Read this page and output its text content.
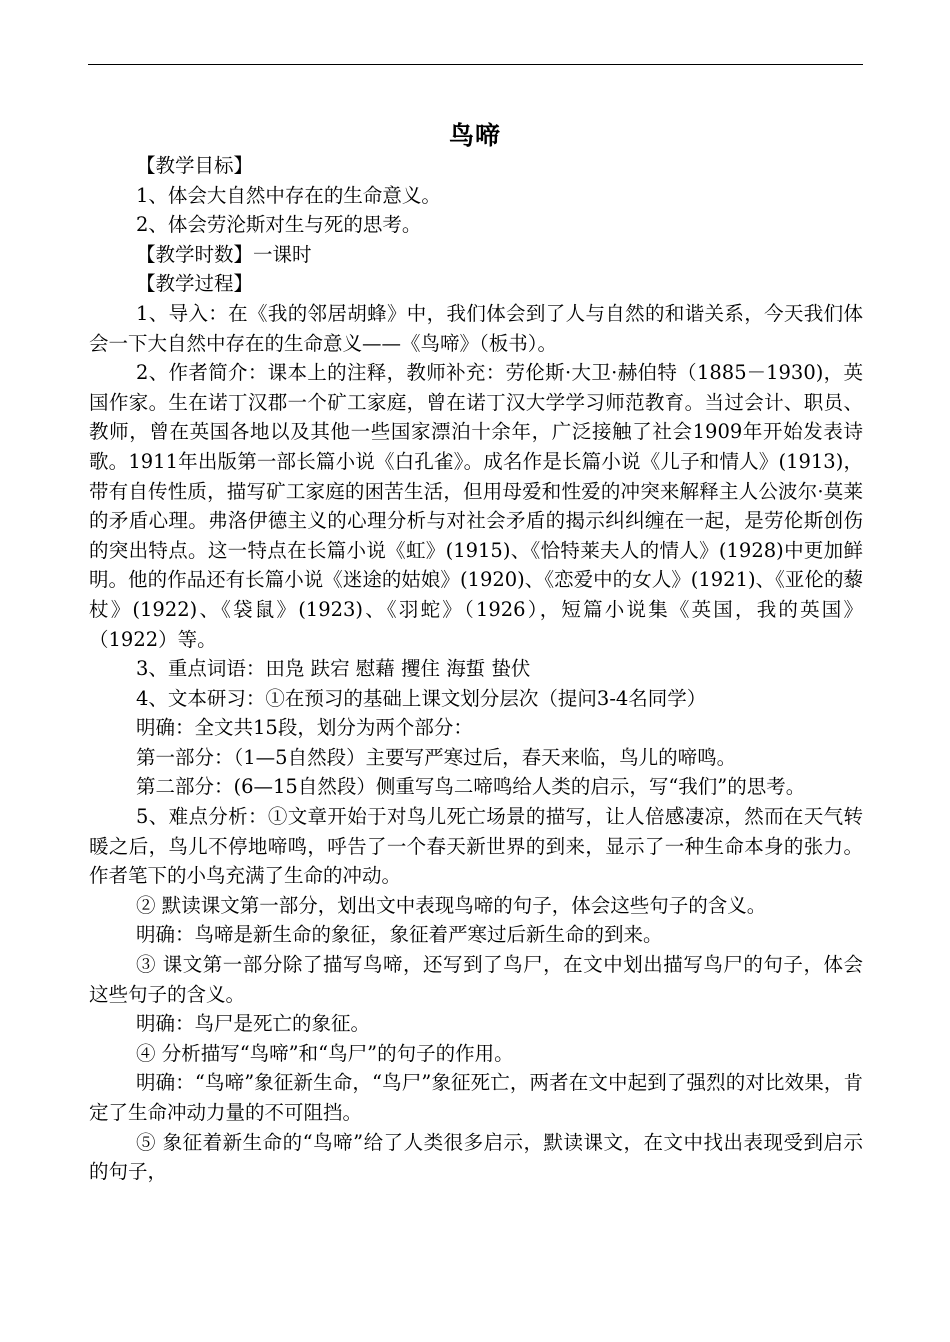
鸟啼

【教学目标】

1、体会大自然中存在的生命意义。

2、体会劳沦斯对生与死的思考。

【教学时数】一课时

【教学过程】

1、导入：在《我的邻居胡蜂》中，我们体会到了人与自然的和谐关系，今天我们体会一下大自然中存在的生命意义——《鸟啼》（板书）。

2、作者简介：课本上的注释，教师补充：劳伦斯·大卫·赫伯特（1885－1930)，英国作家。生在诺丁汉郡一个矿工家庭，曾在诺丁汉大学学习师范教育。当过会计、职员、教师，曾在英国各地以及其他一些国家漂泊十余年，广泛接触了社会1909年开始发表诗歌。1911年出版第一部长篇小说《白孔雀》。成名作是长篇小说《儿子和情人》(1913)，带有自传性质，描写矿工家庭的困苦生活，但用母爱和性爱的冲突来解释主人公波尔·莫莱的矛盾心理。弗洛伊德主义的心理分析与对社会矛盾的揭示纠纠缠在一起，是劳伦斯创伤的突出特点。这一特点在长篇小说《虹》(1915)、《恰特莱夫人的情人》(1928)中更加鲜明。他的作品还有长篇小说《迷途的姑娘》(1920)、《恋爱中的女人》(1921)、《亚伦的藜杖》(1922)、《袋鼠》(1923)、《羽蛇》（1926），短篇小说集《英国，我的英国》（1922）等。

3、重点词语：田凫 趺宕 慰藉 攫住 海蜇 蛰伏

4、文本研习：①在预习的基础上课文划分层次（提问3-4名同学）

明确：全文共15段，划分为两个部分：

第一部分：（1—5自然段）主要写严寒过后，春天来临，鸟儿的啼鸣。

第二部分：(6—15自然段）侧重写鸟二啼鸣给人类的启示，写“我们”的思考。

5、难点分析：①文章开始于对鸟儿死亡场景的描写，让人倍感凄凉，然而在天气转暖之后，鸟儿不停地啼鸣，呼告了一个春天新世界的到来，显示了一种生命本身的张力。作者笔下的小鸟充满了生命的冲动。

② 默读课文第一部分，划出文中表现鸟啼的句子，体会这些句子的含义。

明确：鸟啼是新生命的象征，象征着严寒过后新生命的到来。

③ 课文第一部分除了描写鸟啼，还写到了鸟尸，在文中划出描写鸟尸的句子，体会这些句子的含义。

明确：鸟尸是死亡的象征。

④ 分析描写“鸟啼”和“鸟尸”的句子的作用。

明确：“鸟啼”象征新生命，“鸟尸”象征死亡，两者在文中起到了强烈的对比效果，肯定了生命冲动力量的不可阻挡。

⑤ 象征着新生命的“鸟啼”给了人类很多启示，默读课文，在文中找出表现受到启示的句子，
